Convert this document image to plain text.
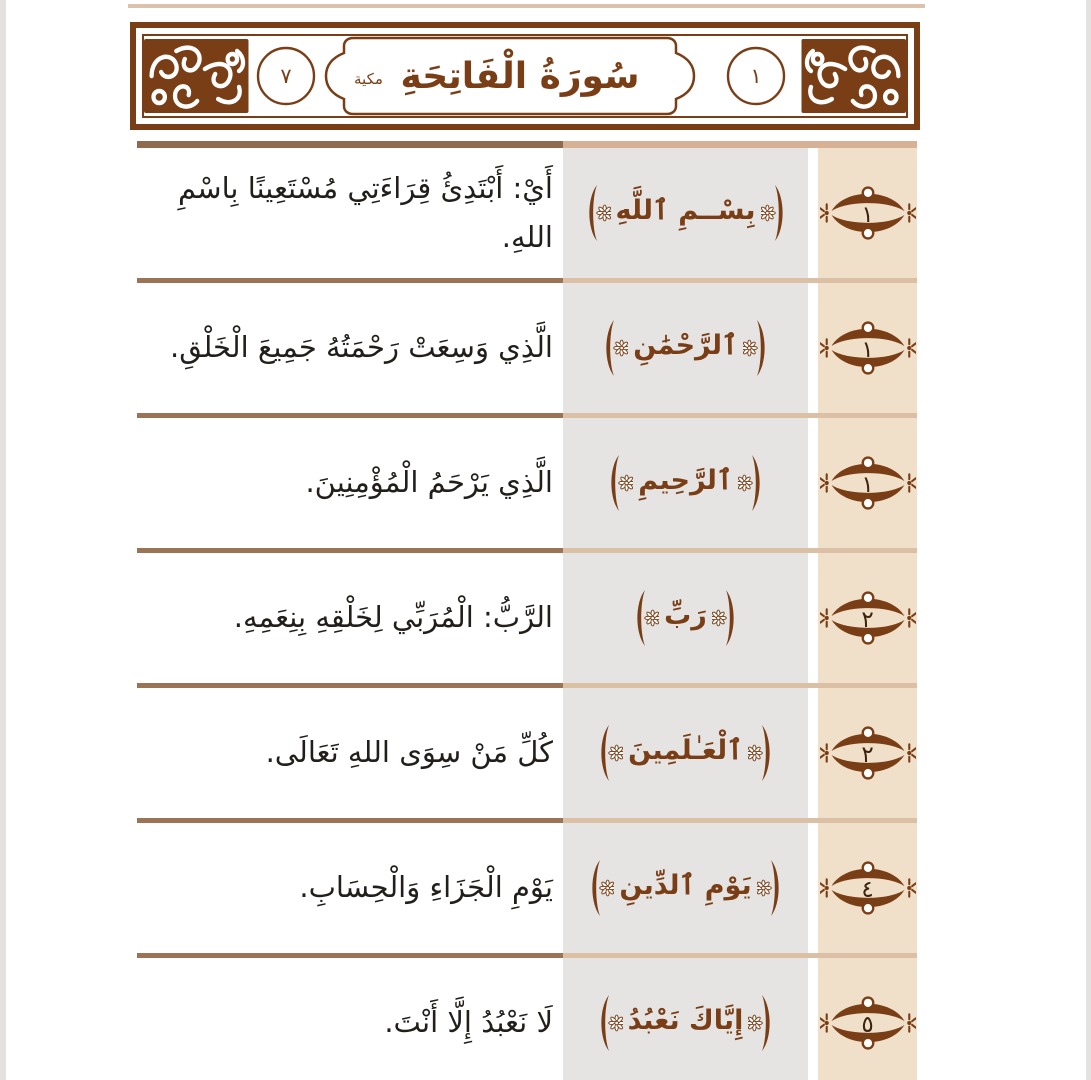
٧	١
سُورَةُ الْفَاتِحَةِ
مكية
١
بِسْــمِ ٱللَّهِ
أَيْ: أَبْتَدِئُ قِرَاءَتِي مُسْتَعِينًا بِاسْمِ اللهِ.
١
ٱلرَّحْمَٰنِ
الَّذِي وَسِعَتْ رَحْمَتُهُ جَمِيعَ الْخَلْقِ.
١
ٱلرَّحِيمِ
الَّذِي يَرْحَمُ الْمُؤْمِنِينَ.
٢
رَبِّ
الرَّبُّ: الْمُرَبِّي لِخَلْقِهِ بِنِعَمِهِ.
٢
ٱلْعَـٰلَمِينَ
كُلِّ مَنْ سِوَى اللهِ تَعَالَى.
٤
يَوْمِ ٱلدِّينِ
يَوْمِ الْجَزَاءِ وَالْحِسَابِ.
٥
إِيَّاكَ نَعْبُدُ
لَا نَعْبُدُ إِلَّا أَنْتَ.
